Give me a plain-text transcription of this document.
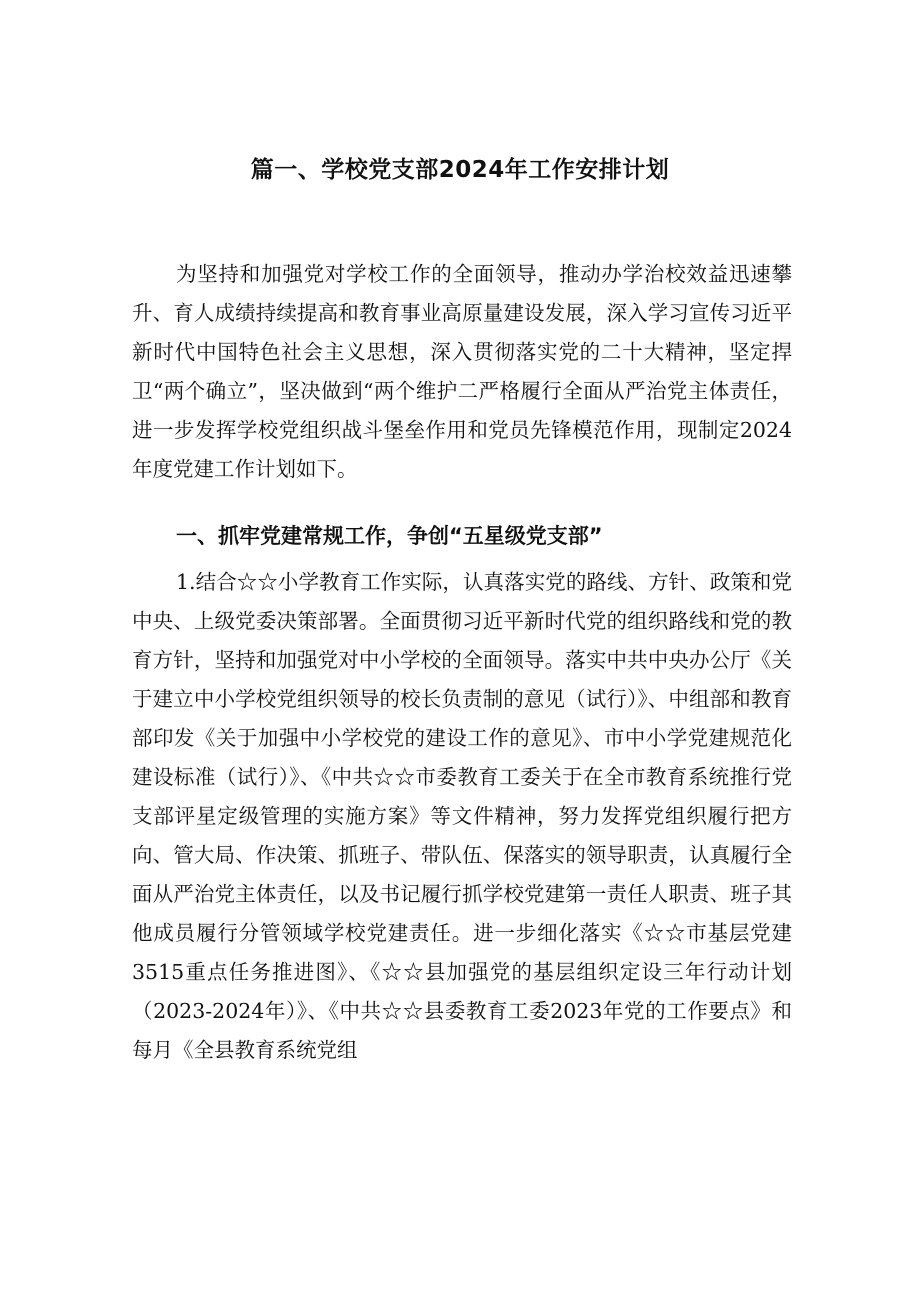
篇一、学校党支部2024年工作安排计划

为坚持和加强党对学校工作的全面领导，推动办学治校效益迅速攀升、育人成绩持续提高和教育事业高原量建设发展，深入学习宣传习近平新时代中国特色社会主义思想，深入贯彻落实党的二十大精神，坚定捍卫“两个确立”，坚决做到“两个维护二严格履行全面从严治党主体责任，进一步发挥学校党组织战斗堡垒作用和党员先锋模范作用，现制定2024年度党建工作计划如下。

一、抓牢党建常规工作，争创“五星级党支部”

1.结合☆☆小学教育工作实际，认真落实党的路线、方针、政策和党中央、上级党委决策部署。全面贯彻习近平新时代党的组织路线和党的教育方针，坚持和加强党对中小学校的全面领导。落实中共中央办公厅《关于建立中小学校党组织领导的校长负责制的意见（试行）》、中组部和教育部印发《关于加强中小学校党的建设工作的意见》、市中小学党建规范化建设标准（试行）》、《中共☆☆市委教育工委关于在全市教育系统推行党支部评星定级管理的实施方案》等文件精神，努力发挥党组织履行把方向、管大局、作决策、抓班子、带队伍、保落实的领导职责，认真履行全面从严治党主体责任，以及书记履行抓学校党建第一责任人职责、班子其他成员履行分管领域学校党建责任。进一步细化落实《☆☆市基层党建3515重点任务推进图》、《☆☆县加强党的基层组织定设三年行动计划（2023-2024年）》、《中共☆☆县委教育工委2023年党的工作要点》和每月《全县教育系统党组
